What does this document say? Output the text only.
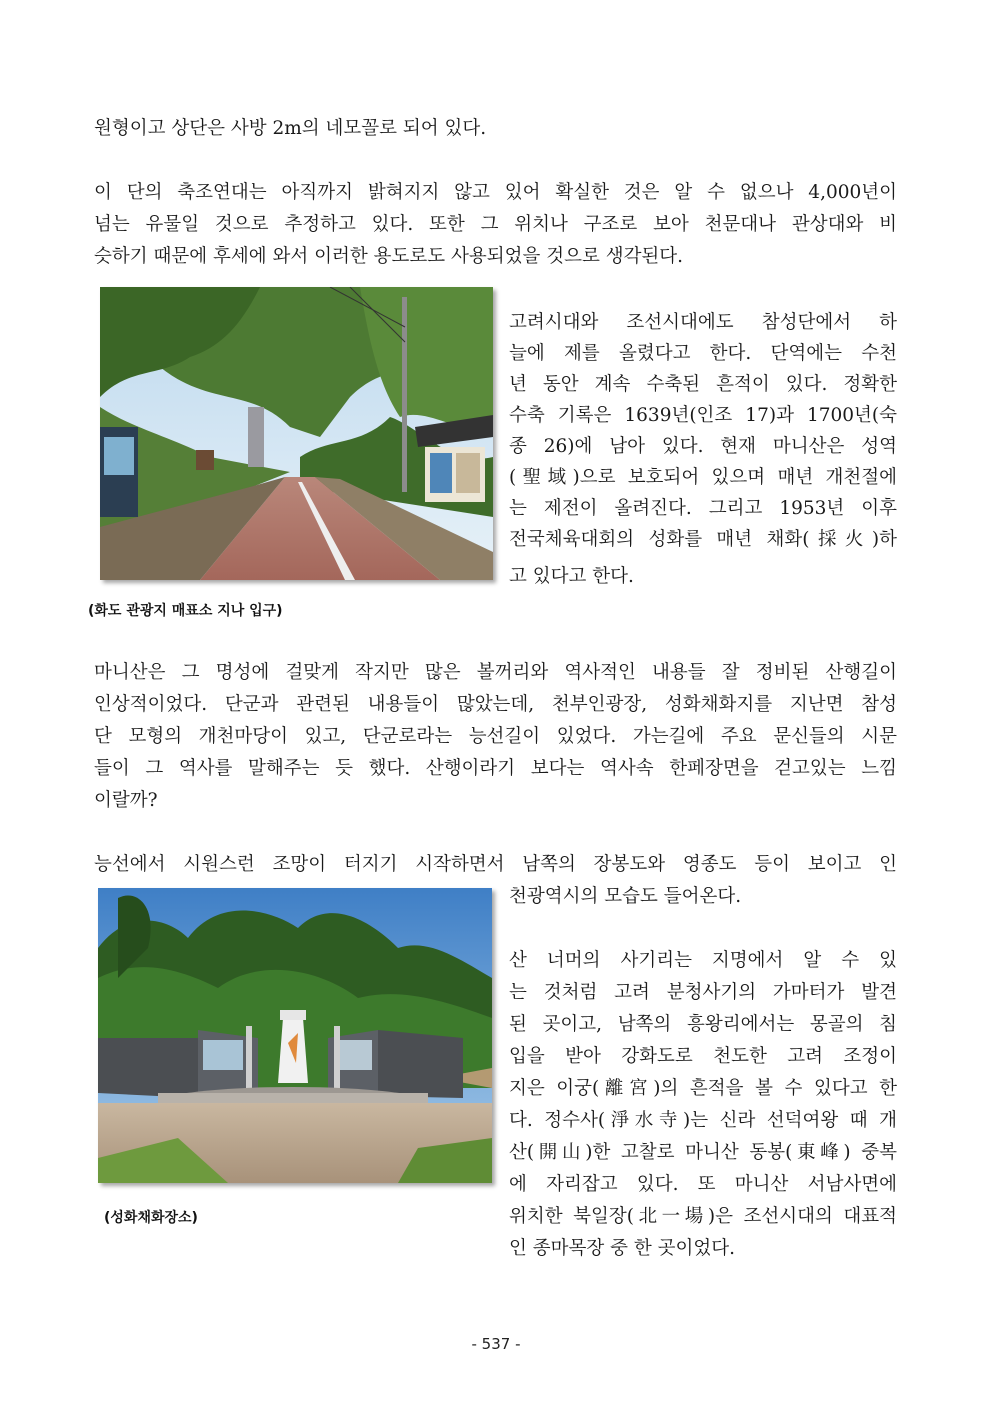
원형이고 상단은 사방 2m의 네모꼴로 되어 있다.
이 단의 축조연대는 아직까지 밝혀지지 않고 있어 확실한 것은 알 수 없으나 4,000년이
넘는 유물일 것으로 추정하고 있다. 또한 그 위치나 구조로 보아 천문대나 관상대와 비
슷하기 때문에 후세에 와서 이러한 용도로도 사용되었을 것으로 생각된다.
(화도 관광지 매표소 지나 입구)
고려시대와 조선시대에도 참성단에서 하
늘에 제를 올렸다고 한다. 단역에는 수천
년 동안 계속 수축된 흔적이 있다. 정확한
수축 기록은 1639년(인조 17)과 1700년(숙
종 26)에 남아 있다. 현재 마니산은 성역
(聖域)으로 보호되어 있으며 매년 개천절에
는 제전이 올려진다. 그리고 1953년 이후
전국체육대회의 성화를 매년 채화(採火)하
고 있다고 한다.
마니산은 그 명성에 걸맞게 작지만 많은 볼꺼리와 역사적인 내용들 잘 정비된 산행길이
인상적이었다. 단군과 관련된 내용들이 많았는데, 천부인광장, 성화채화지를 지난면 참성
단 모형의 개천마당이 있고, 단군로라는 능선길이 있었다. 가는길에 주요 문신들의 시문
들이 그 역사를 말해주는 듯 했다. 산행이라기 보다는 역사속 한페장면을 걷고있는 느낌
이랄까?
능선에서 시원스런 조망이 터지기 시작하면서 남쪽의 장봉도와 영종도 등이 보이고 인
천광역시의 모습도 들어온다.
(성화채화장소)
산 너머의 사기리는 지명에서 알 수 있
는 것처럼 고려 분청사기의 가마터가 발견
된 곳이고, 남쪽의 흥왕리에서는 몽골의 침
입을 받아 강화도로 천도한 고려 조정이
지은 이궁(離宮)의 흔적을 볼 수 있다고 한
다. 정수사(淨水寺)는 신라 선덕여왕 때 개
산(開山)한 고찰로 마니산 동봉(東峰) 중복
에 자리잡고 있다. 또 마니산 서남사면에
위치한 북일장(北一場)은 조선시대의 대표적
인 종마목장 중 한 곳이었다.
- 537 -
